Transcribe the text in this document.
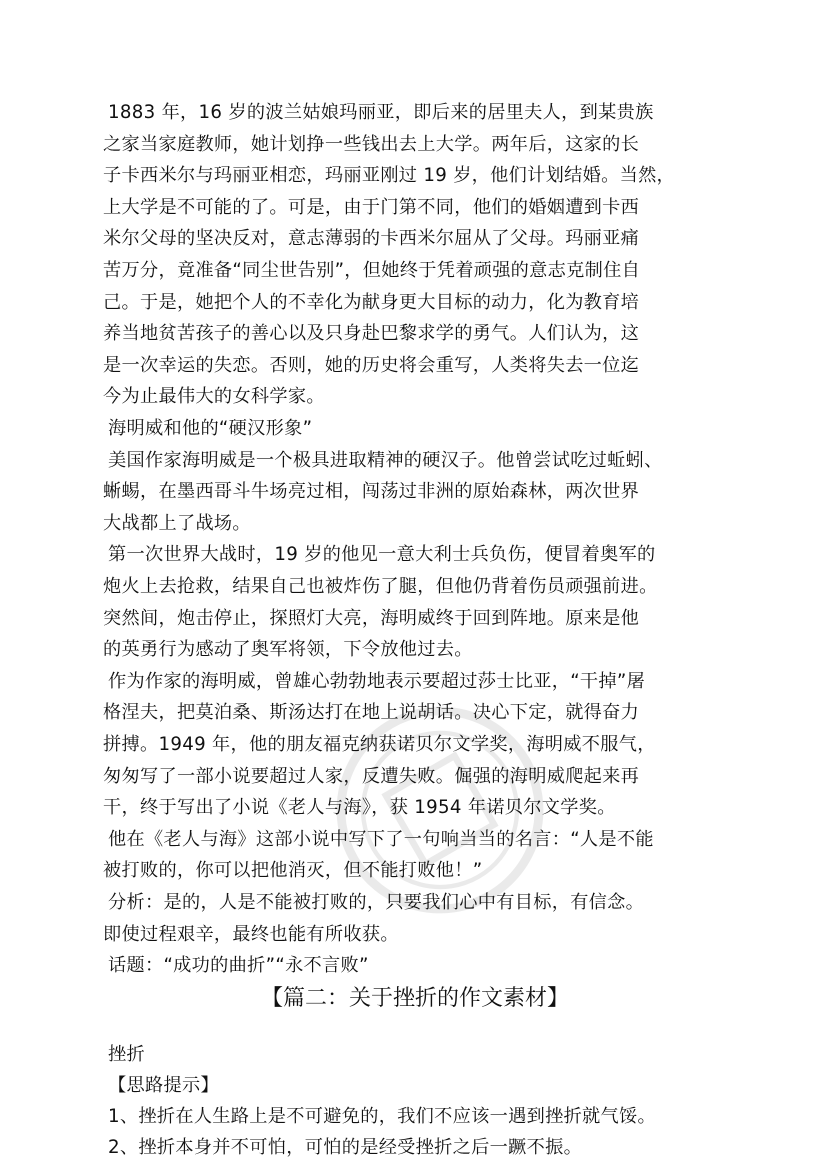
1883 年，16 岁的波兰姑娘玛丽亚，即后来的居里夫人，到某贵族
之家当家庭教师，她计划挣一些钱出去上大学。两年后，这家的长
子卡西米尔与玛丽亚相恋，玛丽亚刚过 19 岁，他们计划结婚。当然，
上大学是不可能的了。可是，由于门第不同，他们的婚姻遭到卡西
米尔父母的坚决反对，意志薄弱的卡西米尔屈从了父母。玛丽亚痛
苦万分，竟准备“同尘世告别”，但她终于凭着顽强的意志克制住自
己。于是，她把个人的不幸化为献身更大目标的动力，化为教育培
养当地贫苦孩子的善心以及只身赴巴黎求学的勇气。人们认为，这
是一次幸运的失恋。否则，她的历史将会重写，人类将失去一位迄
今为止最伟大的女科学家。
海明威和他的“硬汉形象”
美国作家海明威是一个极具进取精神的硬汉子。他曾尝试吃过蚯蚓、
蜥蜴，在墨西哥斗牛场亮过相，闯荡过非洲的原始森林，两次世界
大战都上了战场。
第一次世界大战时，19 岁的他见一意大利士兵负伤，便冒着奥军的
炮火上去抢救，结果自己也被炸伤了腿，但他仍背着伤员顽强前进。
突然间，炮击停止，探照灯大亮，海明威终于回到阵地。原来是他
的英勇行为感动了奥军将领，下令放他过去。
作为作家的海明威，曾雄心勃勃地表示要超过莎士比亚，“干掉”屠
格涅夫，把莫泊桑、斯汤达打在地上说胡话。决心下定，就得奋力
拼搏。1949 年，他的朋友福克纳获诺贝尔文学奖，海明威不服气，
匆匆写了一部小说要超过人家，反遭失败。倔强的海明威爬起来再
干，终于写出了小说《老人与海》，获 1954 年诺贝尔文学奖。
他在《老人与海》这部小说中写下了一句响当当的名言：“人是不能
被打败的，你可以把他消灭，但不能打败他！”
分析：是的，人是不能被打败的，只要我们心中有目标，有信念。
即使过程艰辛，最终也能有所收获。
话题：“成功的曲折”“永不言败”
【篇二：关于挫折的作文素材】
挫折
【思路提示】
1、挫折在人生路上是不可避免的，我们不应该一遇到挫折就气馁。
2、挫折本身并不可怕，可怕的是经受挫折之后一蹶不振。
